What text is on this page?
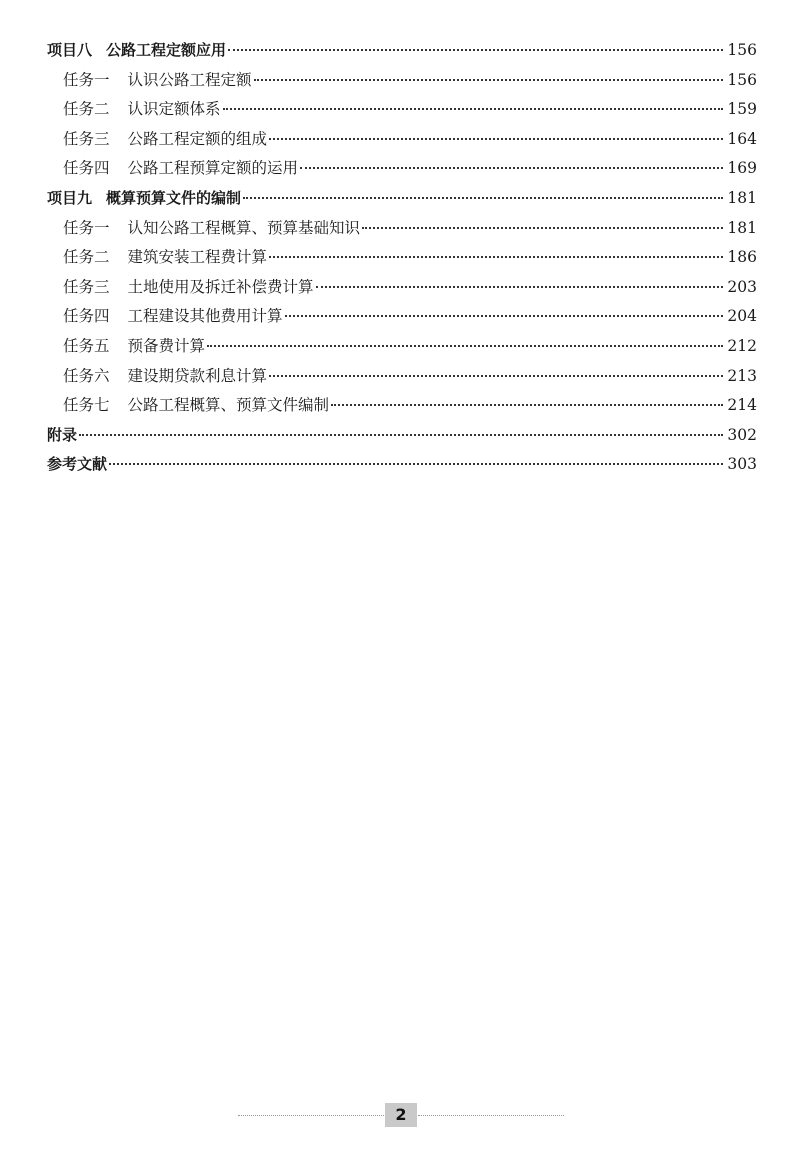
项目八 公路工程定额应用	156
任务一 认识公路工程定额	156
任务二 认识定额体系	159
任务三 公路工程定额的组成	164
任务四 公路工程预算定额的运用	169
项目九 概算预算文件的编制	181
任务一 认知公路工程概算、预算基础知识	181
任务二 建筑安装工程费计算	186
任务三 土地使用及拆迁补偿费计算	203
任务四 工程建设其他费用计算	204
任务五 预备费计算	212
任务六 建设期贷款利息计算	213
任务七 公路工程概算、预算文件编制	214
附录	302
参考文献	303
2
